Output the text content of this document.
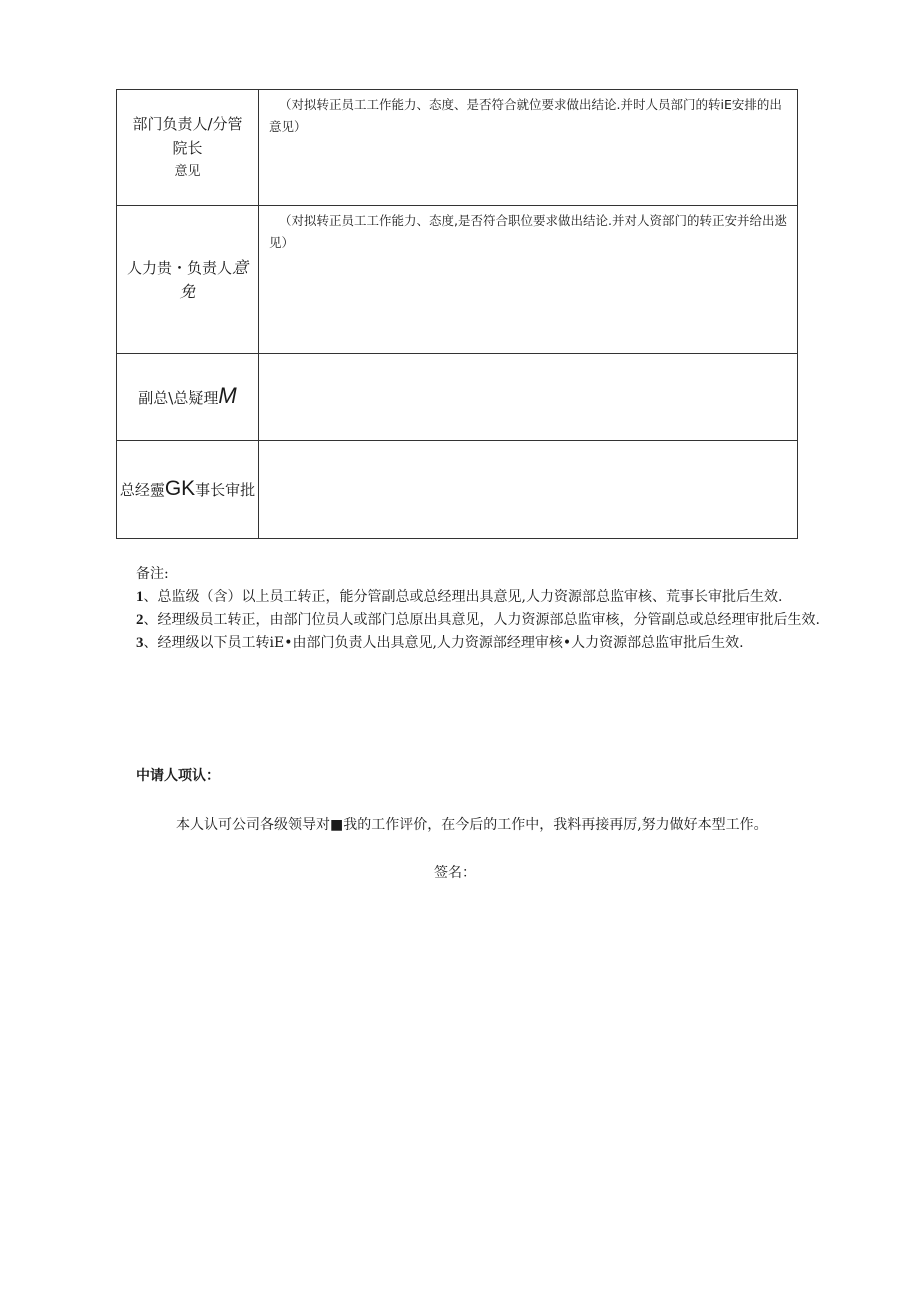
部门负责人/分管
院长
意见
（对拟转正员工工作能力、态度、是否符合就位要求做出结论.并时人员部门的转iE安排的出意见）
人力贵・负责人意
免
（对拟转正员工工作能力、态度,是否符合职位要求做出结论.并对人资部门的转正安并给出逖见）
副总\总疑理M
总经靈GK事长审批

备注:

1、总监级（含）以上员工转正，能分管副总或总经理出具意见,人力资源部总监审核、荒事长审批后生效.

2、经理级员工转正，由部门位员人或部门总原出具意见，人力资源部总监审核，分管副总或总经理审批后生效.

3、经理级以下员工转iE•由部门负责人出具意见,人力资源部经理审核•人力资源部总监审批后生效.

中请人项认：
本人认可公司各级领导对■我的工作评价，在今后的工作中，我料再接再厉,努力做好本型工作。
签名：
